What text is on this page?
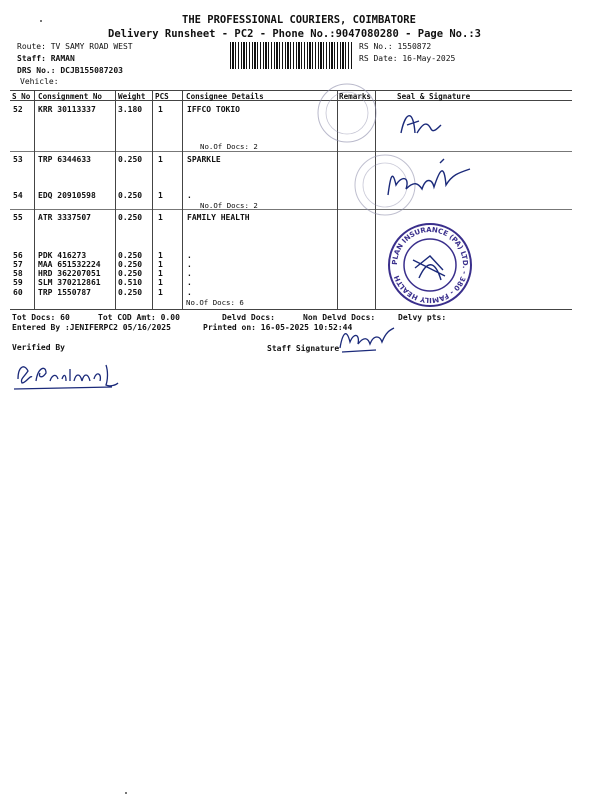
THE PROFESSIONAL COURIERS, COIMBATORE
Delivery Runsheet - PC2 - Phone No.:9047080280 - Page No.:3
Route: TV SAMY ROAD WEST
Staff: RAMAN
DRS No.: DCJB155087203
Vehicle:
RS No.: 1550872
RS Date: 16-May-2025
S No Consignment No Weight PCS Consignee Details	Remarks	Seal & Signature
52 KRR 30113337	3.180 1	IFFCO TOKIO
No.Of Docs: 2
53 TRP 6344633	0.250 1	SPARKLE
54 EDQ 20910598	0.250 1	.
No.Of Docs: 2
55 ATR 3337507	0.250 1	FAMILY HEALTH
56 PDK 416273	0.250 1	.
57 MAA 651532224 0.250 1	.
58 HRD 362207051 0.250 1	.
59 SLM 370212861 0.510 1	.
60 TRP 1550787	0.250 1	.
No.Of Docs: 6
PLAN INSURANCE (PA) LTD. - 380 - FAMILY HEALTH
Tot Docs: 60	Tot COD Amt: 0.00	Delvd Docs:	Non Delvd Docs:	Delvy pts:
Entered By :JENIFERPC2 05/16/2025	Printed on: 16-05-2025 10:52:44
Verified By	Staff Signature
